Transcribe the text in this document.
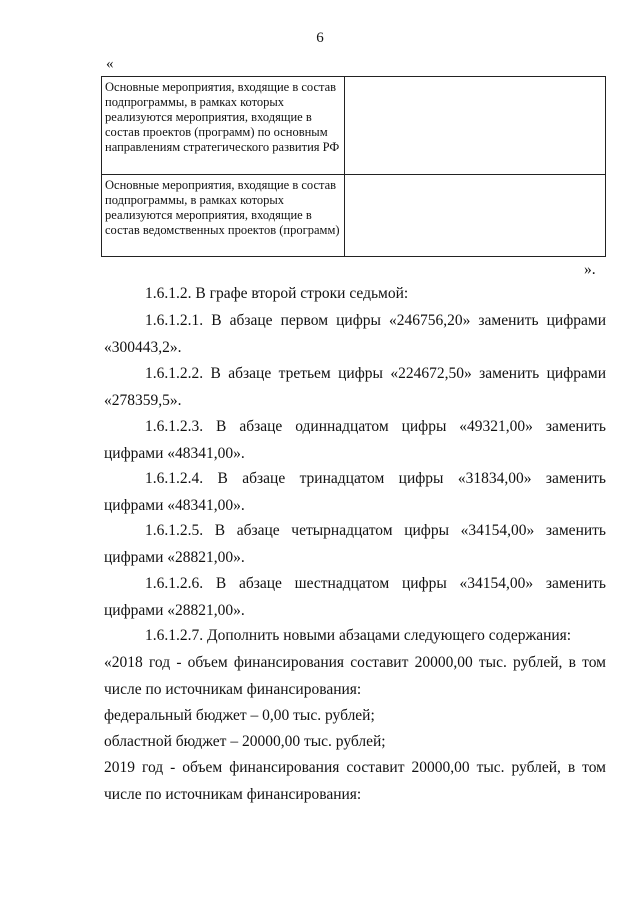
6
«
Основные мероприятия, входящие в состав подпрограммы, в рамках которых реализуются мероприятия, входящие в состав проектов (программ) по основным направлениям стратегического развития РФ	
Основные мероприятия, входящие в состав подпрограммы, в рамках которых реализуются мероприятия, входящие в состав ведомственных проектов (программ)	
».
1.6.1.2. В графе второй строки седьмой:
1.6.1.2.1. В абзаце первом цифры «246756,20» заменить цифрами «300443,2».
1.6.1.2.2. В абзаце третьем цифры «224672,50» заменить цифрами «278359,5».
1.6.1.2.3. В абзаце одиннадцатом цифры «49321,00» заменить цифрами «48341,00».
1.6.1.2.4. В абзаце тринадцатом цифры «31834,00» заменить цифрами «48341,00».
1.6.1.2.5. В абзаце четырнадцатом цифры «34154,00» заменить цифрами «28821,00».
1.6.1.2.6. В абзаце шестнадцатом цифры «34154,00» заменить цифрами «28821,00».
1.6.1.2.7. Дополнить новыми абзацами следующего содержания:
«2018 год - объем финансирования составит 20000,00 тыс. рублей, в том числе по источникам финансирования:
федеральный бюджет – 0,00 тыс. рублей;
областной бюджет – 20000,00 тыс. рублей;
2019 год - объем финансирования составит 20000,00 тыс. рублей, в том числе по источникам финансирования:
